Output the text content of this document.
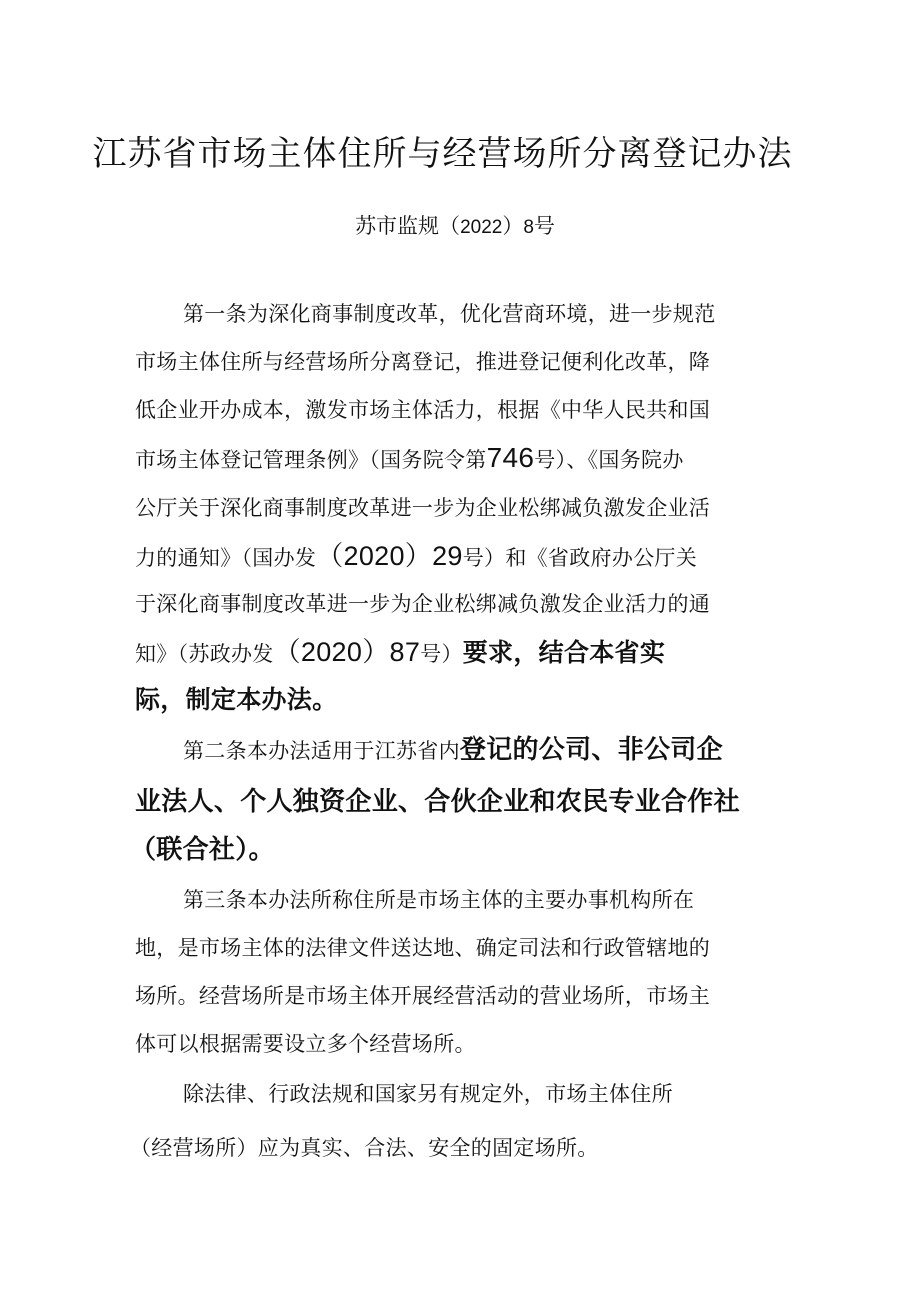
江苏省市场主体住所与经营场所分离登记办法
苏市监规（2022）8号
第一条为深化商事制度改革，优化营商环境，进一步规范
市场主体住所与经营场所分离登记，推进登记便利化改革，降
低企业开办成本，激发市场主体活力，根据《中华人民共和国
市场主体登记管理条例》（国务院令第746号）、《国务院办
公厅关于深化商事制度改革进一步为企业松绑减负激发企业活
力的通知》（国办发（2020）29号）和《省政府办公厅关
于深化商事制度改革进一步为企业松绑减负激发企业活力的通
知》（苏政办发（2020）87号）要求，结合本省实
际，制定本办法。
第二条本办法适用于江苏省内登记的公司、非公司企
业法人、个人独资企业、合伙企业和农民专业合作社
（联合社）。
第三条本办法所称住所是市场主体的主要办事机构所在
地，是市场主体的法律文件送达地、确定司法和行政管辖地的
场所。经营场所是市场主体开展经营活动的营业场所，市场主
体可以根据需要设立多个经营场所。
除法律、行政法规和国家另有规定外，市场主体住所
（经营场所）应为真实、合法、安全的固定场所。
